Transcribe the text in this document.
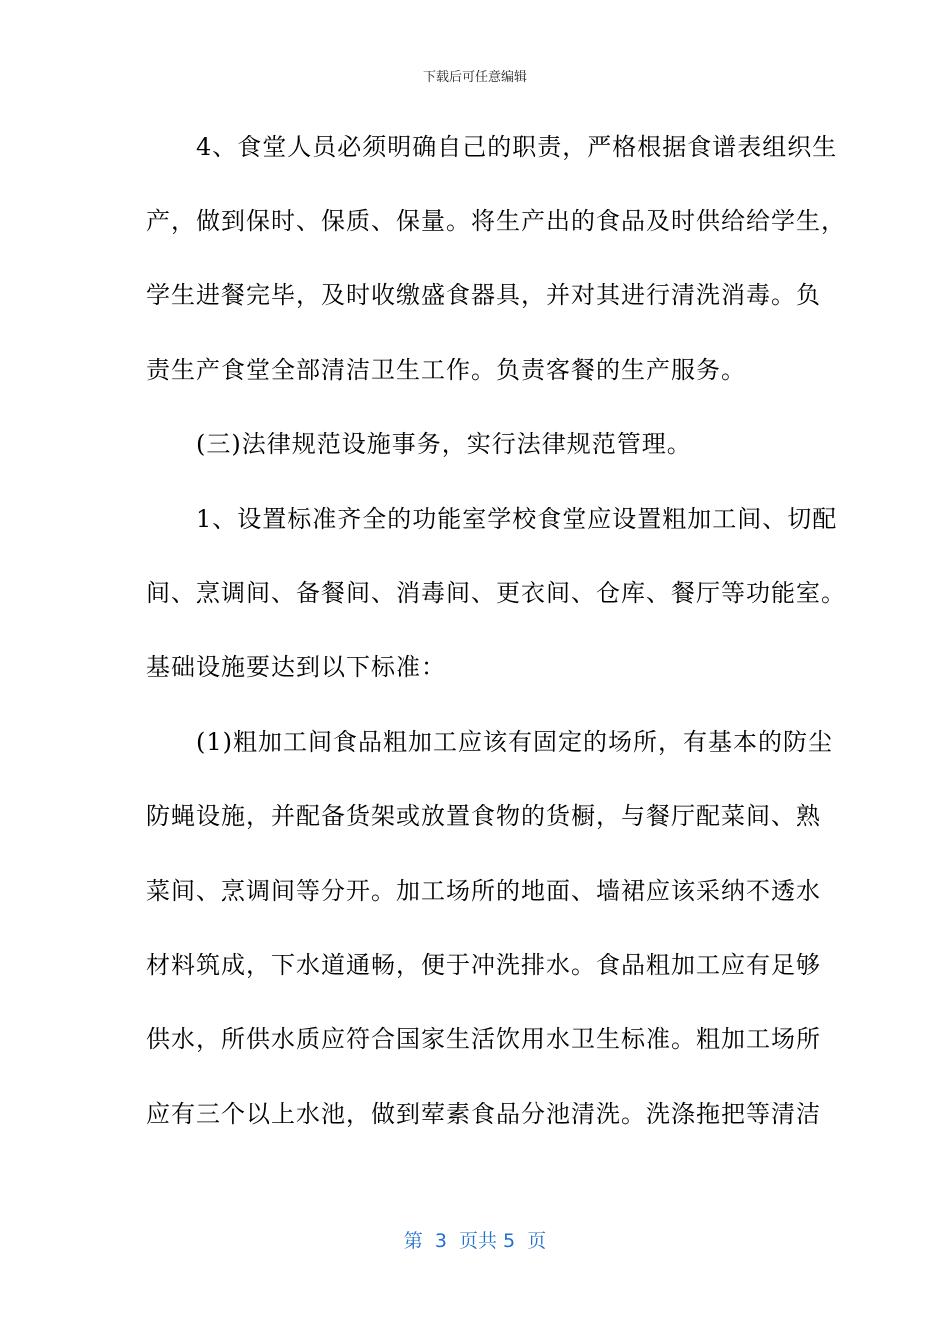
下载后可任意编辑
　　4、食堂人员必须明确自己的职责，严格根据食谱表组织生
产，做到保时、保质、保量。将生产出的食品及时供给给学生，
学生进餐完毕，及时收缴盛食器具，并对其进行清洗消毒。负
责生产食堂全部清洁卫生工作。负责客餐的生产服务。
　　(三)法律规范设施事务，实行法律规范管理。
　　1、设置标准齐全的功能室学校食堂应设置粗加工间、切配
间、烹调间、备餐间、消毒间、更衣间、仓库、餐厅等功能室。
基础设施要达到以下标准：
　　(1)粗加工间食品粗加工应该有固定的场所，有基本的防尘
防蝇设施，并配备货架或放置食物的货橱，与餐厅配菜间、熟
菜间、烹调间等分开。加工场所的地面、墙裙应该采纳不透水
材料筑成，下水道通畅，便于冲洗排水。食品粗加工应有足够
供水，所供水质应符合国家生活饮用水卫生标准。粗加工场所
应有三个以上水池，做到荤素食品分池清洗。洗涤拖把等清洁
第  3  页共 5  页
